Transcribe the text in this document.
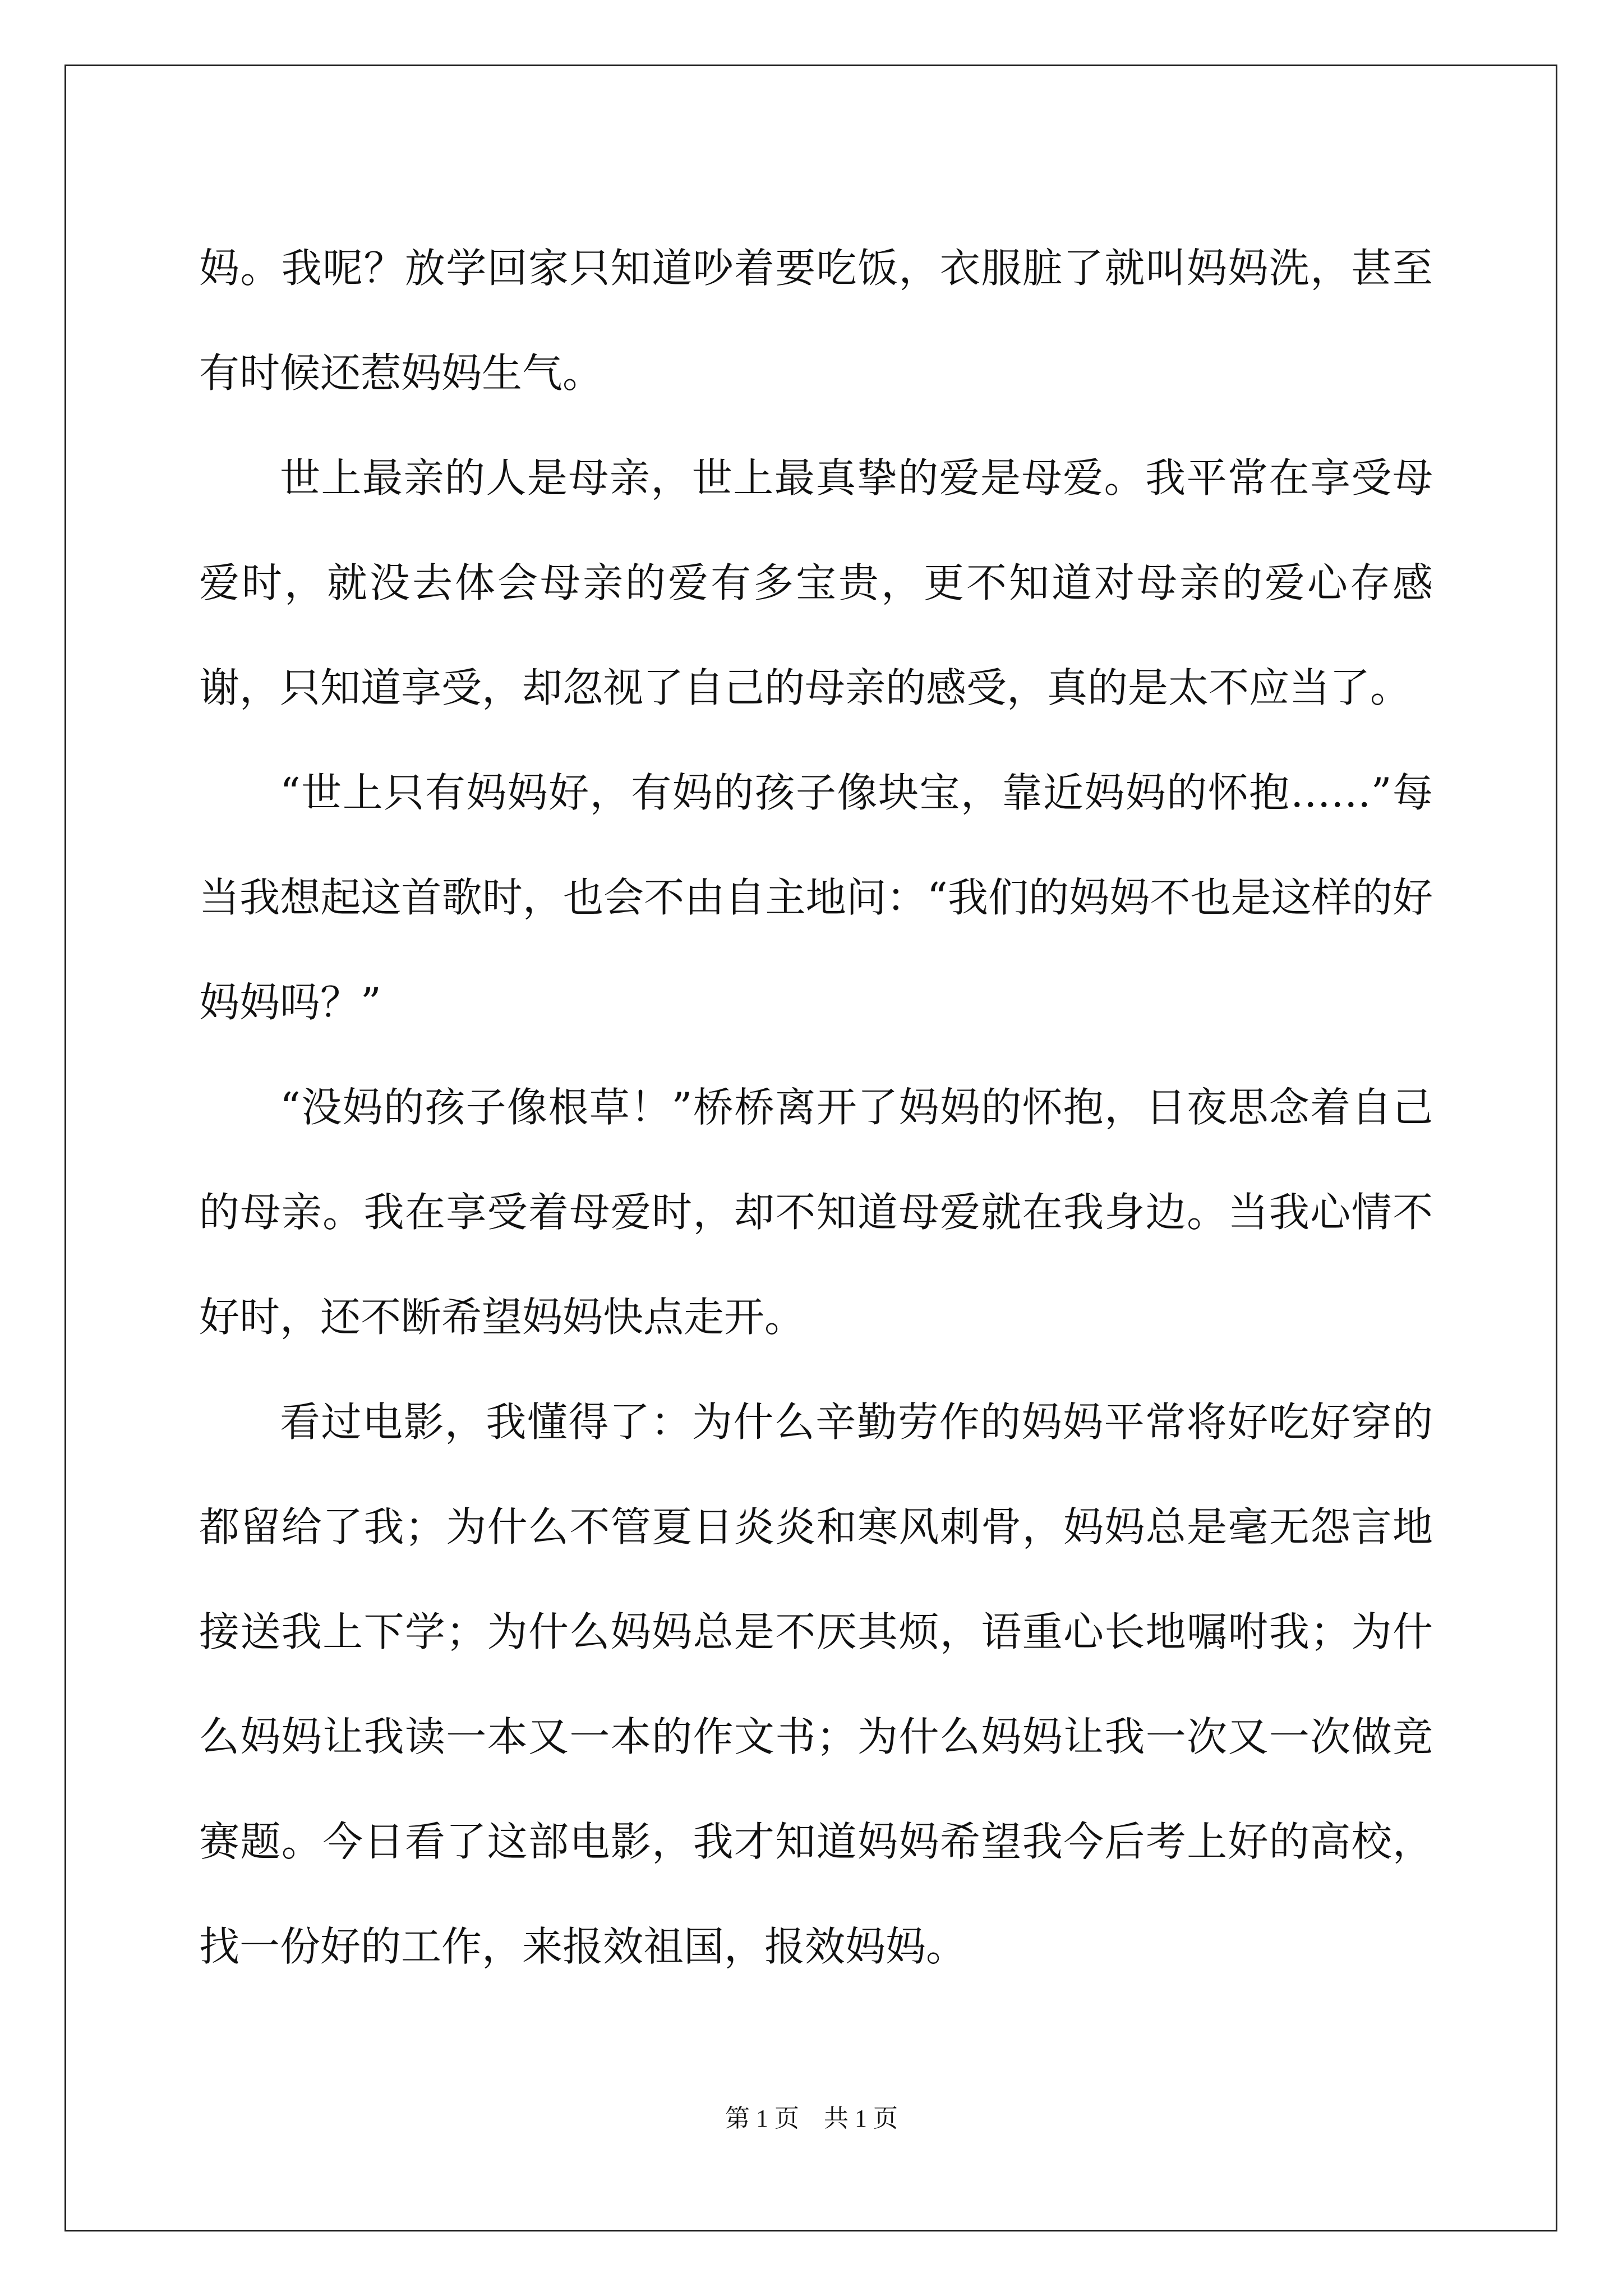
妈。我呢？放学回家只知道吵着要吃饭，衣服脏了就叫妈妈洗，甚至有时候还惹妈妈生气。

世上最亲的人是母亲，世上最真挚的爱是母爱。我平常在享受母爱时，就没去体会母亲的爱有多宝贵，更不知道对母亲的爱心存感谢，只知道享受，却忽视了自己的母亲的感受，真的是太不应当了。

“世上只有妈妈好，有妈的孩子像块宝，靠近妈妈的怀抱……”每当我想起这首歌时，也会不由自主地问：“我们的妈妈不也是这样的好妈妈吗？”

“没妈的孩子像根草！”桥桥离开了妈妈的怀抱，日夜思念着自己的母亲。我在享受着母爱时，却不知道母爱就在我身边。当我心情不好时，还不断希望妈妈快点走开。

看过电影，我懂得了：为什么辛勤劳作的妈妈平常将好吃好穿的都留给了我；为什么不管夏日炎炎和寒风刺骨，妈妈总是毫无怨言地接送我上下学；为什么妈妈总是不厌其烦，语重心长地嘱咐我；为什么妈妈让我读一本又一本的作文书；为什么妈妈让我一次又一次做竞赛题。今日看了这部电影，我才知道妈妈希望我今后考上好的高校，找一份好的工作，来报效祖国，报效妈妈。

第 1 页　共 1 页
